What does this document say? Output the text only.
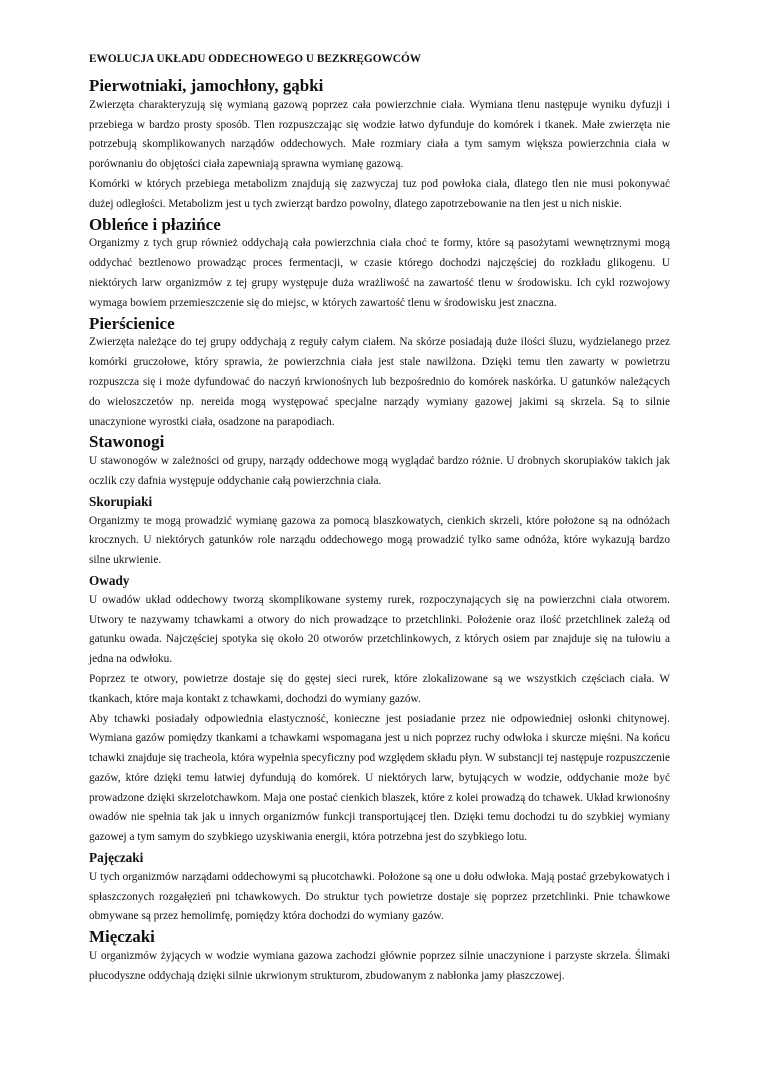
EWOLUCJA UKŁADU ODDECHOWEGO U BEZKRĘGOWCÓW
Pierwotniaki, jamochłony, gąbki

Zwierzęta charakteryzują się wymianą gazową poprzez cała powierzchnie ciała. Wymiana tlenu następuje wyniku dyfuzji i przebiega w bardzo prosty sposób. Tlen rozpuszczając się wodzie łatwo dyfunduje do komórek i tkanek. Małe zwierzęta nie potrzebują skomplikowanych narządów oddechowych. Małe rozmiary ciała a tym samym większa powierzchnia ciała w porównaniu do objętości ciała zapewniają sprawna wymianę gazową.

Komórki w których przebiega metabolizm znajdują się zazwyczaj tuz pod powłoka ciała, dlatego tlen nie musi pokonywać dużej odległości. Metabolizm jest u tych zwierząt bardzo powolny, dlatego zapotrzebowanie na tlen jest u nich niskie.

Obleńce i płazińce

Organizmy z tych grup również oddychają cała powierzchnia ciała choć te formy, które są pasożytami wewnętrznymi mogą oddychać beztlenowo prowadząc proces fermentacji, w czasie którego dochodzi najczęściej do rozkładu glikogenu. U niektórych larw organizmów z tej grupy występuje duża wrażliwość na zawartość tlenu w środowisku. Ich cykl rozwojowy wymaga bowiem przemieszczenie się do miejsc, w których zawartość tlenu w środowisku jest znaczna.

Pierścienice

Zwierzęta należące do tej grupy oddychają z reguły całym ciałem. Na skórze posiadają duże ilości śluzu, wydzielanego przez komórki gruczołowe, który sprawia, że powierzchnia ciała jest stale nawilżona. Dzięki temu tlen zawarty w powietrzu rozpuszcza się i może dyfundować do naczyń krwionośnych lub bezpośrednio do komórek naskórka. U gatunków należących do wieloszczetów np. nereida mogą występować specjalne narządy wymiany gazowej jakimi są skrzela. Są to silnie unaczynione wyrostki ciała, osadzone na parapodiach.

Stawonogi

U stawonogów w zależności od grupy, narządy oddechowe mogą wyglądać bardzo różnie. U drobnych skorupiaków takich jak oczlik czy dafnia występuje oddychanie całą powierzchnia ciała.

Skorupiaki

Organizmy te mogą prowadzić wymianę gazowa za pomocą blaszkowatych, cienkich skrzeli, które położone są na odnóżach krocznych. U niektórych gatunków role narządu oddechowego mogą prowadzić tylko same odnóża, które wykazują bardzo silne ukrwienie.

Owady

U owadów układ oddechowy tworzą skomplikowane systemy rurek, rozpoczynających się na powierzchni ciała otworem. Utwory te nazywamy tchawkami a otwory do nich prowadzące to przetchlinki. Położenie oraz ilość przetchlinek zależą od gatunku owada. Najczęściej spotyka się około 20 otworów przetchlinkowych, z których osiem par znajduje się na tułowiu a jedna na odwłoku.

Poprzez te otwory, powietrze dostaje się do gęstej sieci rurek, które zlokalizowane są we wszystkich częściach ciała. W tkankach, które maja kontakt z tchawkami, dochodzi do wymiany gazów.

Aby tchawki posiadały odpowiednia elastyczność, konieczne jest posiadanie przez nie odpowiedniej osłonki chitynowej. Wymiana gazów pomiędzy tkankami a tchawkami wspomagana jest u nich poprzez ruchy odwłoka i skurcze mięśni. Na końcu tchawki znajduje się tracheola, która wypełnia specyficzny pod względem składu płyn. W substancji tej następuje rozpuszczenie gazów, które dzięki temu łatwiej dyfundują do komórek. U niektórych larw, bytujących w wodzie, oddychanie może być prowadzone dzięki skrzelotchawkom. Maja one postać cienkich blaszek, które z kolei prowadzą do tchawek. Układ krwionośny owadów nie spełnia tak jak u innych organizmów funkcji transportującej tlen. Dzięki temu dochodzi tu do szybkiej wymiany gazowej a tym samym do szybkiego uzyskiwania energii, która potrzebna jest do szybkiego lotu.

Pajęczaki

U tych organizmów narządami oddechowymi są płucotchawki. Położone są one u dołu odwłoka. Mają postać grzebykowatych i spłaszczonych rozgałęzień pni tchawkowych. Do struktur tych powietrze dostaje się poprzez przetchlinki. Pnie tchawkowe obmywane są przez hemolimfę, pomiędzy która dochodzi do wymiany gazów.

Mięczaki

U organizmów żyjących w wodzie wymiana gazowa zachodzi głównie poprzez silnie unaczynione i parzyste skrzela. Ślimaki płucodyszne oddychają dzięki silnie ukrwionym strukturom, zbudowanym z nabłonka jamy płaszczowej.
